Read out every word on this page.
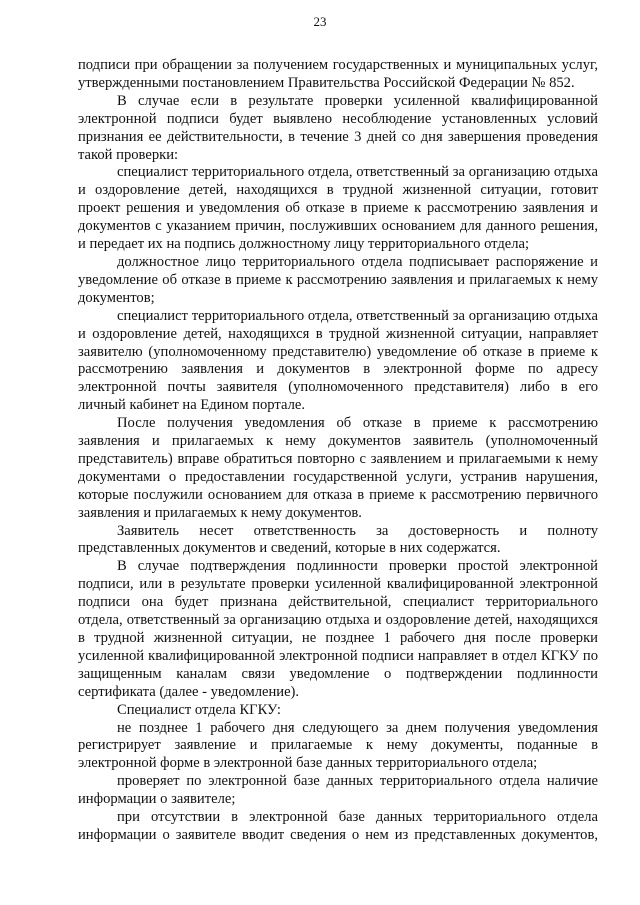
23

подписи при обращении за получением государственных и муниципальных услуг, утвержденными постановлением Правительства Российской Федерации № 852.

В случае если в результате проверки усиленной квалифицированной электронной подписи будет выявлено несоблюдение установленных условий признания ее действительности, в течение 3 дней со дня завершения проведения такой проверки:

специалист территориального отдела, ответственный за организацию отдыха и оздоровление детей, находящихся в трудной жизненной ситуации, готовит проект решения и уведомления об отказе в приеме к рассмотрению заявления и документов с указанием причин, послуживших основанием для данного решения, и передает их на подпись должностному лицу территориального отдела;

должностное лицо территориального отдела подписывает распоряжение и уведомление об отказе в приеме к рассмотрению заявления и прилагаемых к нему документов;

специалист территориального отдела, ответственный за организацию отдыха и оздоровление детей, находящихся в трудной жизненной ситуации, направляет заявителю (уполномоченному представителю) уведомление об отказе в приеме к рассмотрению заявления и документов в электронной форме по адресу электронной почты заявителя (уполномоченного представителя) либо в его личный кабинет на Едином портале.

После получения уведомления об отказе в приеме к рассмотрению заявления и прилагаемых к нему документов заявитель (уполномоченный представитель) вправе обратиться повторно с заявлением и прилагаемыми к нему документами о предоставлении государственной услуги, устранив нарушения, которые послужили основанием для отказа в приеме к рассмотрению первичного заявления и прилагаемых к нему документов.

Заявитель несет ответственность за достоверность и полноту представленных документов и сведений, которые в них содержатся.

В случае подтверждения подлинности проверки простой электронной подписи, или в результате проверки усиленной квалифицированной электронной подписи она будет признана действительной, специалист территориального отдела, ответственный за организацию отдыха и оздоровление детей, находящихся в трудной жизненной ситуации, не позднее 1 рабочего дня после проверки усиленной квалифицированной электронной подписи направляет в отдел КГКУ по защищенным каналам связи уведомление о подтверждении подлинности сертификата (далее - уведомление).

Специалист отдела КГКУ:

не позднее 1 рабочего дня следующего за днем получения уведомления регистрирует заявление и прилагаемые к нему документы, поданные в электронной форме в электронной базе данных территориального отдела;

проверяет по электронной базе данных территориального отдела наличие информации о заявителе;

при отсутствии в электронной базе данных территориального отдела информации о заявителе вводит сведения о нем из представленных документов,
